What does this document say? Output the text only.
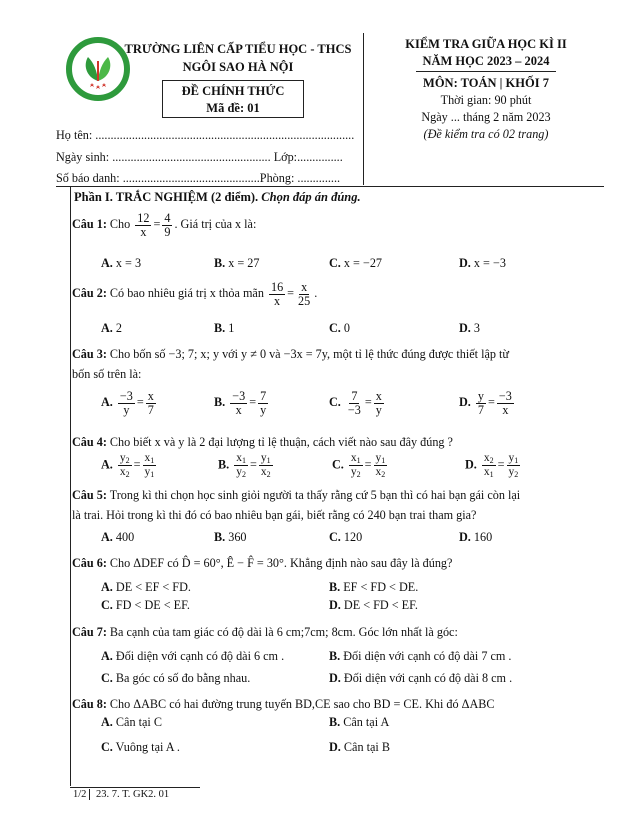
TRƯỜNG LIÊN CẤP TIỂU HỌC - THCS
NGÔI SAO HÀ NỘI
ĐỀ CHÍNH THỨC
Mã đề: 01
KIỂM TRA GIỮA HỌC KÌ II
NĂM HỌC 2023 – 2024
MÔN: TOÁN | KHỐI 7
Thời gian: 90 phút
Ngày ... tháng 2 năm 2023
(Đề kiểm tra có 02 trang)
Họ tên: .....................................................................................
Ngày sinh: .................................................... Lớp:...............
Số báo danh: .............................................Phòng: ..............
Phần I. TRẮC NGHIỆM (2 điểm). Chọn đáp án đúng.
Câu 1: Cho $\frac{12}{x} = \frac{4}{9}$ . Giá trị của x là:
A. x = 3	B. x = 27	C. x = −27	D. x = −3
Câu 2: Có bao nhiêu giá trị x thỏa mãn $\frac{16}{x} = \frac{x}{25}$ .
A. 2	B. 1	C. 0	D. 3
Câu 3: Cho bốn số −3; 7; x; y với y ≠ 0 và −3x = 7y, một tỉ lệ thức đúng được thiết lập từ
bốn số trên là:
A. $\frac{-3}{y} = \frac{x}{7}$	B. $\frac{-3}{x} = \frac{7}{y}$	C. $\frac{7}{-3} = \frac{x}{y}$	D. $\frac{y}{7} = \frac{-3}{x}$
Câu 4: Cho biết x và y là 2 đại lượng tỉ lệ thuận, cách viết nào sau đây đúng ?
A. $\frac{y_2}{x_2} = \frac{x_1}{y_1}$	B. $\frac{x_1}{y_2} = \frac{y_1}{x_2}$	C. $\frac{x_1}{y_2} = \frac{y_1}{x_2}$	D. $\frac{x_2}{x_1} = \frac{y_1}{y_2}$
Câu 5: Trong kì thi chọn học sinh giỏi người ta thấy rằng cứ 5 bạn thì có hai bạn gái còn lại
là trai. Hỏi trong kì thi đó có bao nhiêu bạn gái, biết rằng có 240 bạn trai tham gia?
A. 400	B. 360	C. 120	D. 160
Câu 6: Cho ΔDEF có D̂ = 60°, Ê − F̂ = 30°. Khẳng định nào sau đây là đúng?
A. DE < EF < FD.	B. EF < FD < DE.
C. FD < DE < EF.	D. DE < FD < EF.
Câu 7: Ba cạnh của tam giác có độ dài là 6 cm;7cm; 8cm. Góc lớn nhất là góc:
A. Đối diện với cạnh có độ dài 6 cm .	B. Đối diện với cạnh có độ dài 7 cm .
C. Ba góc có số đo bằng nhau.	D. Đối diện với cạnh có độ dài 8 cm .
Câu 8: Cho ΔABC có hai đường trung tuyến BD,CE sao cho BD = CE. Khi đó ΔABC
A. Cân tại C	B. Cân tại A
C. Vuông tại A .	D. Cân tại B
1/2 23. 7. T. GK2. 01
